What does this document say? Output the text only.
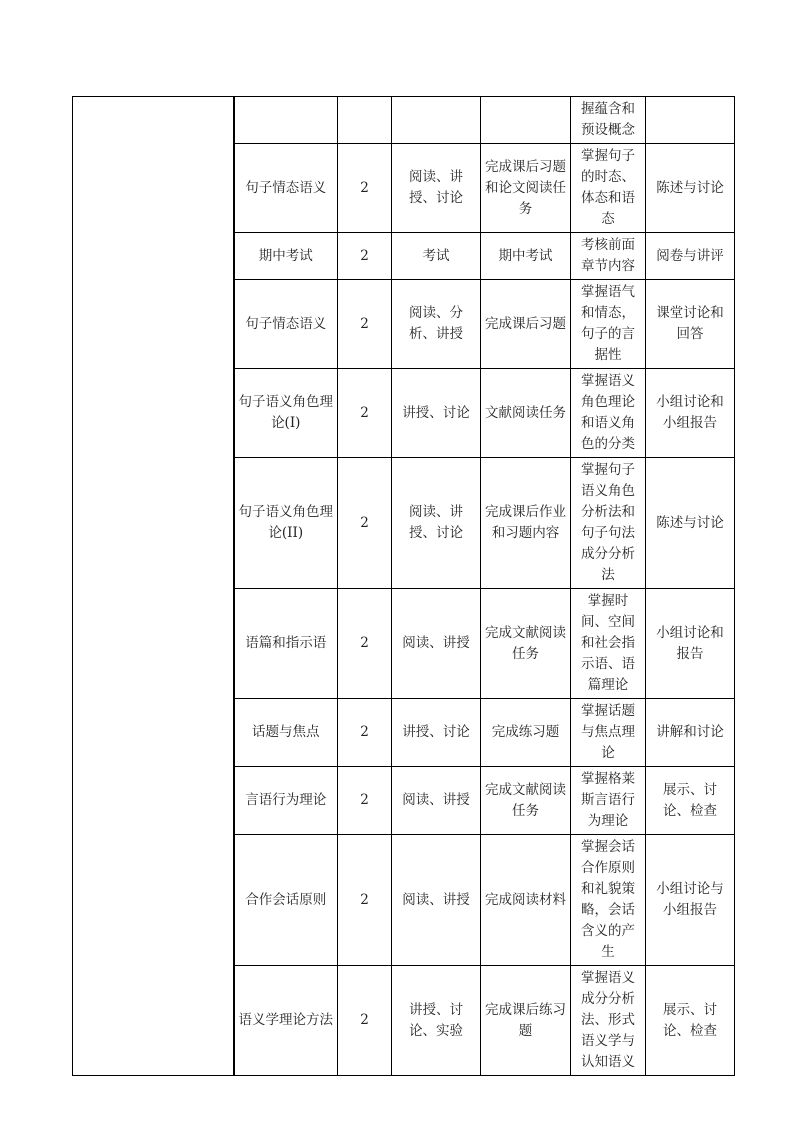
					握蕴含和预设概念	
	句子情态语义	2	阅读、讲授、讨论	完成课后习题和论文阅读任务	掌握句子的时态、体态和语态	陈述与讨论
	期中考试	2	考试	期中考试	考核前面章节内容	阅卷与讲评
	句子情态语义	2	阅读、分析、讲授	完成课后习题	掌握语气和情态，句子的言据性	课堂讨论和回答
	句子语义角色理论(I)	2	讲授、讨论	文献阅读任务	掌握语义角色理论和语义角色的分类	小组讨论和小组报告
	句子语义角色理论(II)	2	阅读、讲授、讨论	完成课后作业和习题内容	掌握句子语义角色分析法和句子句法成分分析法	陈述与讨论
	语篇和指示语	2	阅读、讲授	完成文献阅读任务	掌握时间、空间和社会指示语、语篇理论	小组讨论和报告
	话题与焦点	2	讲授、讨论	完成练习题	掌握话题与焦点理论	讲解和讨论
	言语行为理论	2	阅读、讲授	完成文献阅读任务	掌握格莱斯言语行为理论	展示、讨论、检查
	合作会话原则	2	阅读、讲授	完成阅读材料	掌握会话合作原则和礼貌策略，会话含义的产生	小组讨论与小组报告
	语义学理论方法	2	讲授、讨论、实验	完成课后练习题	掌握语义成分分析法、形式语义学与认知语义	展示、讨论、检查
